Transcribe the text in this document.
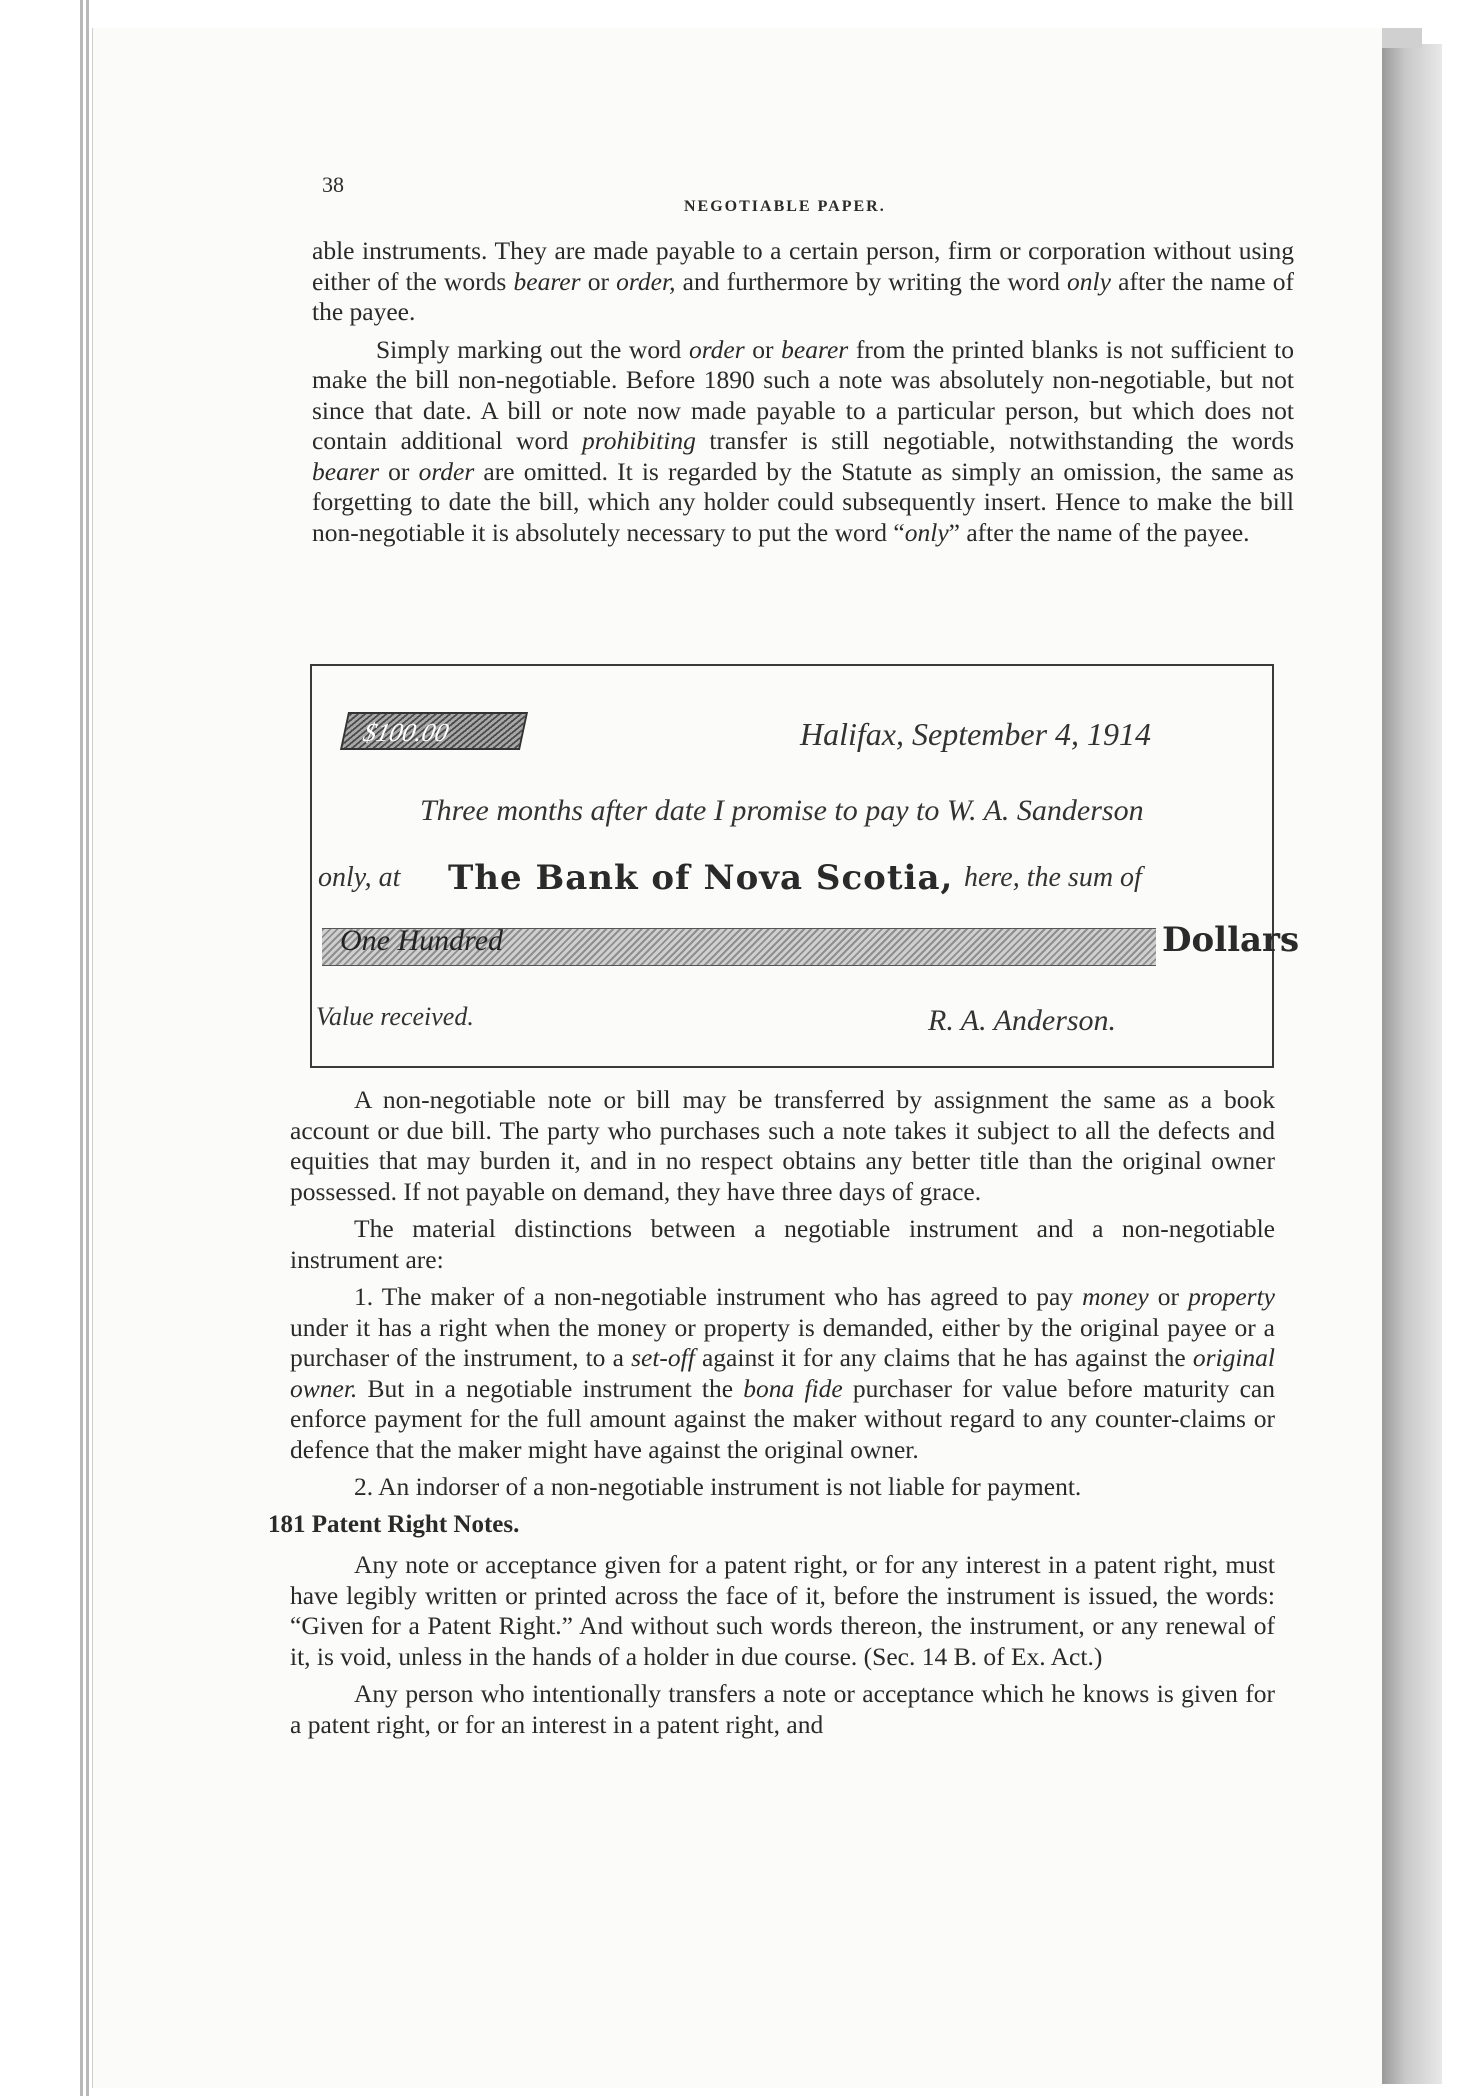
38
NEGOTIABLE PAPER.

able instruments. They are made payable to a certain person, firm or corporation without using either of the words bearer or order, and furthermore by writing the word only after the name of the payee.

Simply marking out the word order or bearer from the printed blanks is not sufficient to make the bill non-negotiable. Before 1890 such a note was absolutely non-negotiable, but not since that date. A bill or note now made payable to a particular person, but which does not contain additional word prohibiting transfer is still negotiable, notwithstanding the words bearer or order are omitted. It is regarded by the Statute as simply an omission, the same as forgetting to date the bill, which any holder could subsequently insert. Hence to make the bill non-negotiable it is absolutely necessary to put the word “only” after the name of the payee.

$100.00	Halifax, September 4, 1914
Three months after date I promise to pay to W. A. Sanderson
only, at The Bank of Nova Scotia, here, the sum of
One Hundred	Dollars
Value received.	R. A. Anderson.

A non-negotiable note or bill may be transferred by assignment the same as a book account or due bill. The party who purchases such a note takes it subject to all the defects and equities that may burden it, and in no respect obtains any better title than the original owner possessed. If not payable on demand, they have three days of grace.

The material distinctions between a negotiable instrument and a non-negotiable instrument are:

1. The maker of a non-negotiable instrument who has agreed to pay money or property under it has a right when the money or property is demanded, either by the original payee or a purchaser of the instrument, to a set-off against it for any claims that he has against the original owner. But in a negotiable instrument the bona fide purchaser for value before maturity can enforce payment for the full amount against the maker without regard to any counter-claims or defence that the maker might have against the original owner.

2. An indorser of a non-negotiable instrument is not liable for payment.

181 Patent Right Notes.

Any note or acceptance given for a patent right, or for any interest in a patent right, must have legibly written or printed across the face of it, before the instrument is issued, the words: “Given for a Patent Right.” And without such words thereon, the instrument, or any renewal of it, is void, unless in the hands of a holder in due course. (Sec. 14 B. of Ex. Act.)

Any person who intentionally transfers a note or acceptance which he knows is given for a patent right, or for an interest in a patent right, and
